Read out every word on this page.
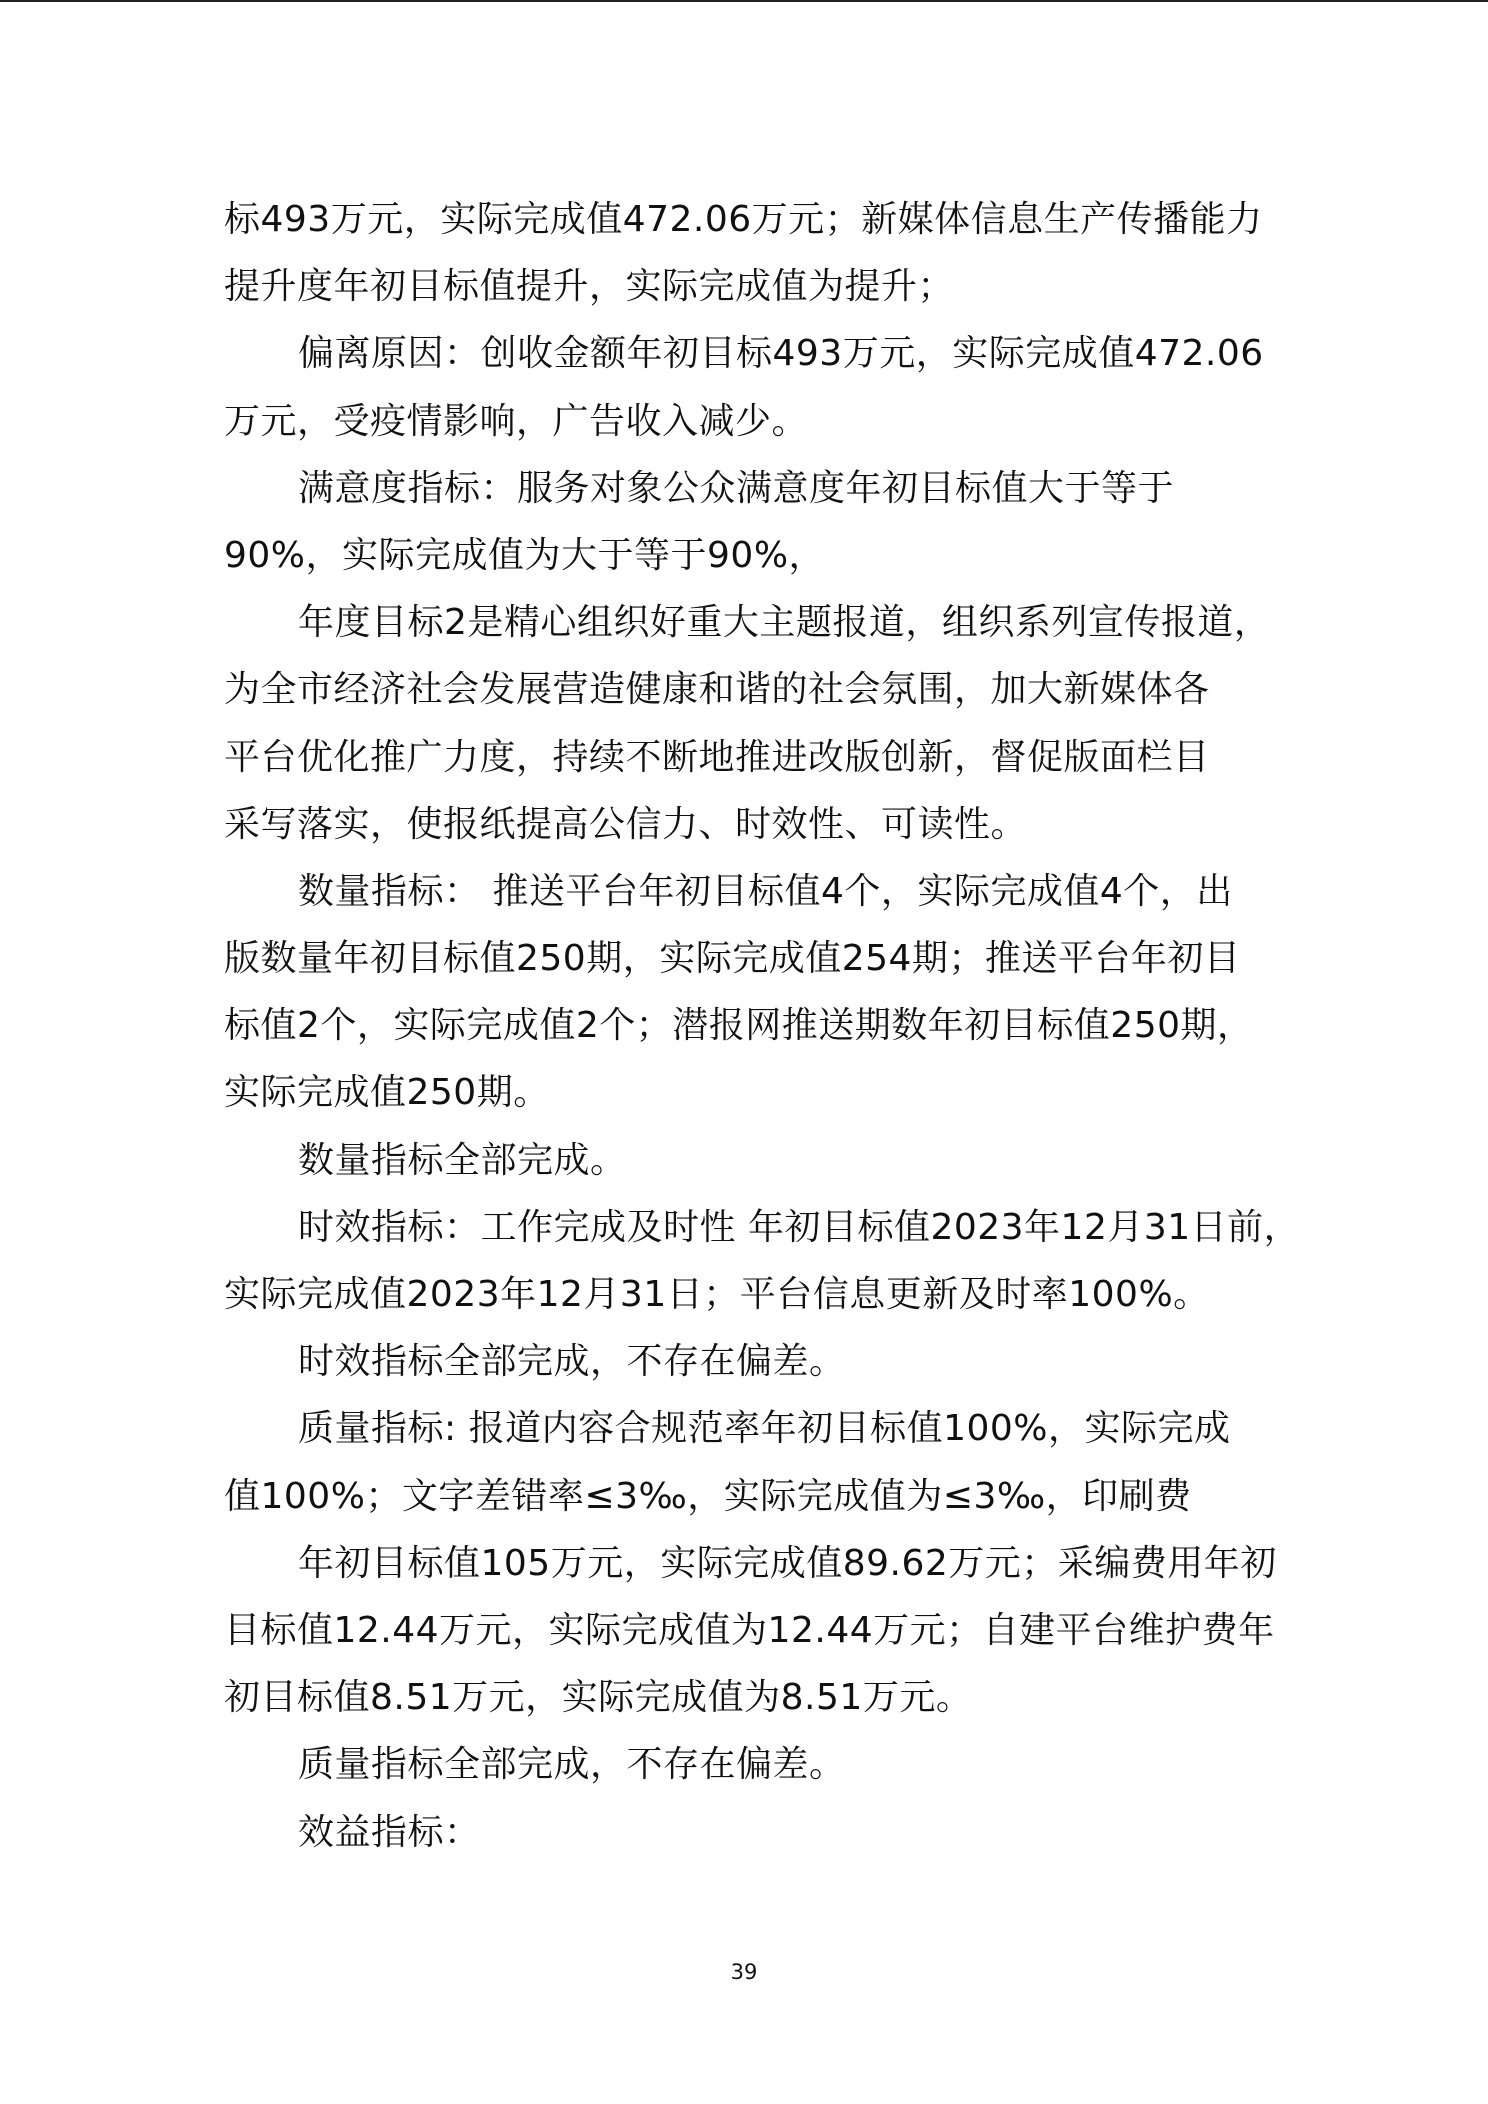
标493万元，实际完成值472.06万元；新媒体信息生产传播能力
提升度年初目标值提升，实际完成值为提升；
偏离原因：创收金额年初目标493万元，实际完成值472.06
万元，受疫情影响，广告收入减少。
满意度指标：服务对象公众满意度年初目标值大于等于
90%，实际完成值为大于等于90%，
年度目标2是精心组织好重大主题报道，组织系列宣传报道，
为全市经济社会发展营造健康和谐的社会氛围，加大新媒体各
平台优化推广力度，持续不断地推进改版创新，督促版面栏目
采写落实，使报纸提高公信力、时效性、可读性。
数量指标： 推送平台年初目标值4个，实际完成值4个，出
版数量年初目标值250期，实际完成值254期；推送平台年初目
标值2个，实际完成值2个；潜报网推送期数年初目标值250期，
实际完成值250期。
数量指标全部完成。
时效指标：工作完成及时性 年初目标值2023年12月31日前，
实际完成值2023年12月31日；平台信息更新及时率100%。
时效指标全部完成，不存在偏差。
质量指标: 报道内容合规范率年初目标值100%，实际完成
值100%；文字差错率≤3‰，实际完成值为≤3‰，印刷费
年初目标值105万元，实际完成值89.62万元；采编费用年初
目标值12.44万元，实际完成值为12.44万元；自建平台维护费年
初目标值8.51万元，实际完成值为8.51万元。
质量指标全部完成，不存在偏差。
效益指标：
39
